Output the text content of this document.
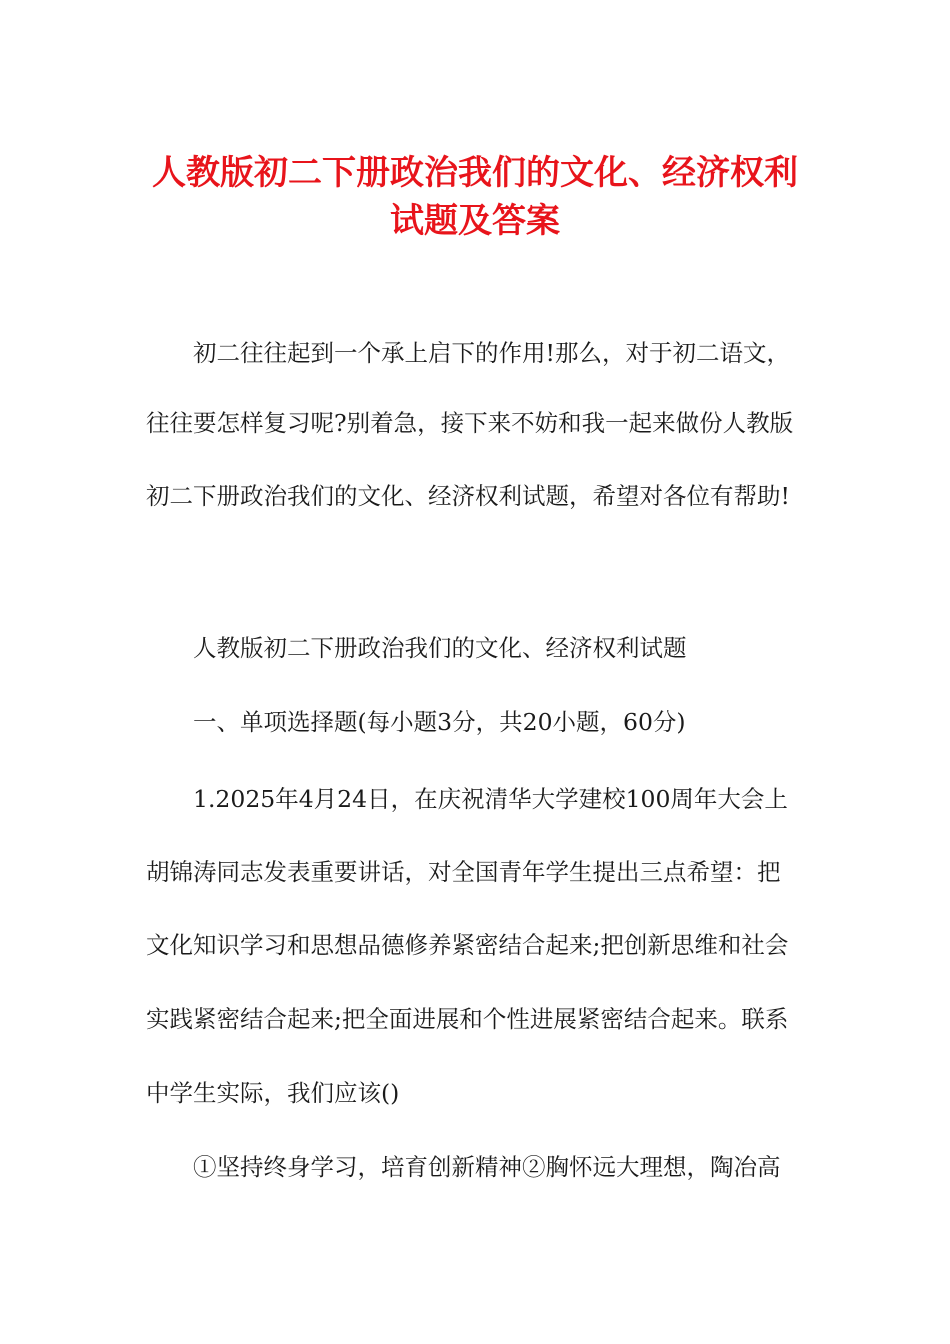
人教版初二下册政治我们的文化、经济权利
试题及答案
初二往往起到一个承上启下的作用!那么，对于初二语文，
往往要怎样复习呢?别着急，接下来不妨和我一起来做份人教版
初二下册政治我们的文化、经济权利试题，希望对各位有帮助!
人教版初二下册政治我们的文化、经济权利试题
一、单项选择题(每小题3分，共20小题，60分)
1.2025年4月24日，在庆祝清华大学建校100周年大会上
胡锦涛同志发表重要讲话，对全国青年学生提出三点希望：把
文化知识学习和思想品德修养紧密结合起来;把创新思维和社会
实践紧密结合起来;把全面进展和个性进展紧密结合起来。联系
中学生实际，我们应该()
①坚持终身学习，培育创新精神②胸怀远大理想，陶冶高
